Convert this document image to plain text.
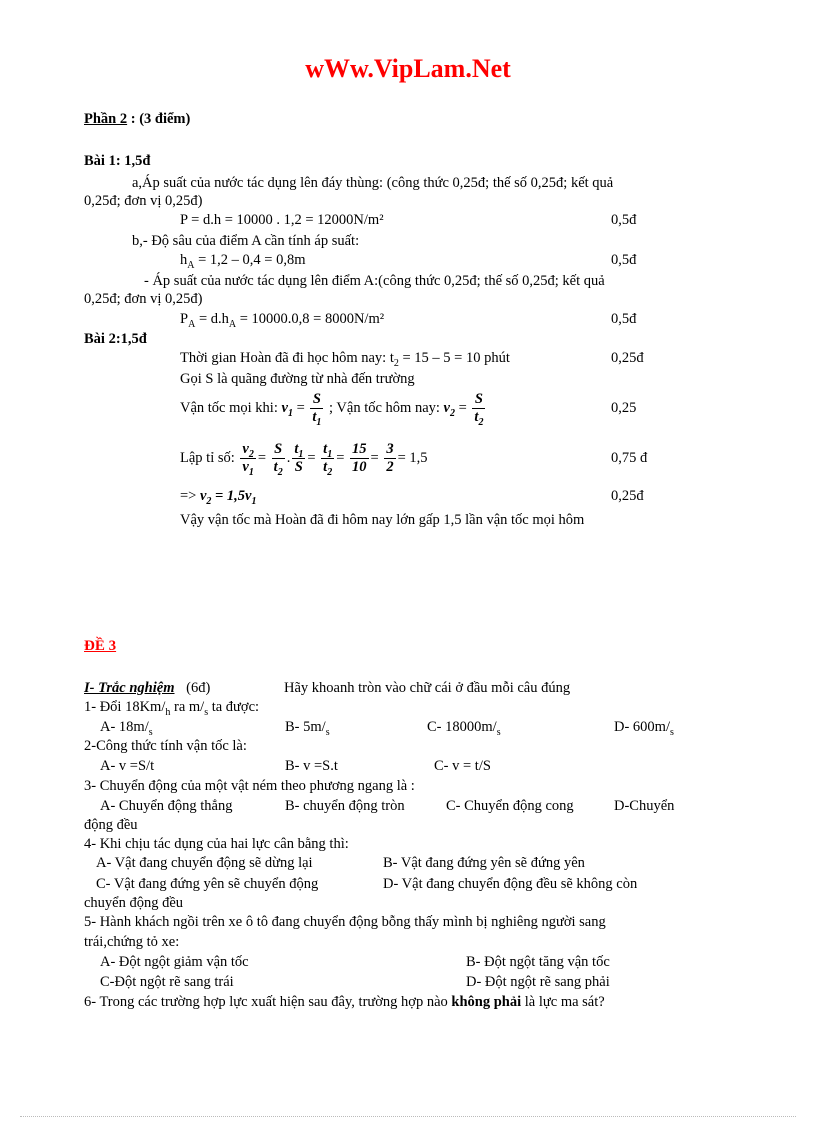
wWw.VipLam.Net
Phần 2 : (3 điểm)
Bài 1: 1,5đ
a,Áp suất của nước tác dụng lên đáy thùng: (công thức 0,25đ; thế số 0,25đ; kết quả
0,25đ; đơn vị 0,25đ)
P = d.h = 10000 . 1,2 = 12000N/m²	0,5đ
b,- Độ sâu của điểm A cần tính áp suất:
$h_A = 1,2 - 0,4 = 0,8m$	0,5đ
- Áp suất của nước tác dụng lên điểm A:(công thức 0,25đ; thế số 0,25đ; kết quả
0,25đ; đơn vị 0,25đ)
$P_A = d.h_A = 10000.0,8 = 8000N/m^2$	0,5đ
Bài 2:1,5đ
Thời gian Hoàn đã đi học hôm nay: $t_2 = 15 - 5 = 10$ phút	0,25đ
Gọi S là quãng đường từ nhà đến trường
Vận tốc mọi khi: $v_1 = \frac{S}{t_1}$ ; Vận tốc hôm nay: $v_2 = \frac{S}{t_2}$	0,25
Lập tỉ số: $\frac{v_2}{v_1} = \frac{S}{t_2}$ . $\frac{t_1}{S} = \frac{t_1}{t_2} = \frac{15}{10} = \frac{3}{2} = 1,5$	0,75 đ
=> $v_2 = 1,5v_1$	0,25đ
Vậy vận tốc mà Hoàn đã đi hôm nay lớn gấp 1,5 lần vận tốc mọi hôm
ĐỀ 3
I- Trắc nghiệm (6đ)	Hãy khoanh tròn vào chữ cái ở đầu mỗi câu đúng
1- Đổi $18Km/_h$ ra $m/_s$ ta được:
A- $18m/_s$	B- $5m/_s$	C- $18000m/_s$	D- $600m/_s$
2-Công thức tính vận tốc là:
A- v =S/t	B- v =S.t	C- v = t/S
3- Chuyển động của một vật ném theo phương ngang là :
A- Chuyển động thẳng	B- chuyển động tròn	C- Chuyển động cong	D-Chuyển
động đều
4- Khi chịu tác dụng của hai lực cân bằng thì:
A- Vật đang chuyển động sẽ dừng lại	B- Vật đang đứng yên sẽ đứng yên
C- Vật đang đứng yên sẽ chuyển động	D- Vật đang chuyển động đều sẽ không còn
chuyển động đều
5- Hành khách ngồi trên xe ô tô đang chuyển động bỗng thấy mình bị nghiêng người sang
trái,chứng tỏ xe:
A- Đột ngột giảm vận tốc	B- Đột ngột tăng vận tốc
C-Đột ngột rẽ sang trái	D- Đột ngột rẽ sang phải
6- Trong các trường hợp lực xuất hiện sau đây, trường hợp nào không phải là lực ma sát?
